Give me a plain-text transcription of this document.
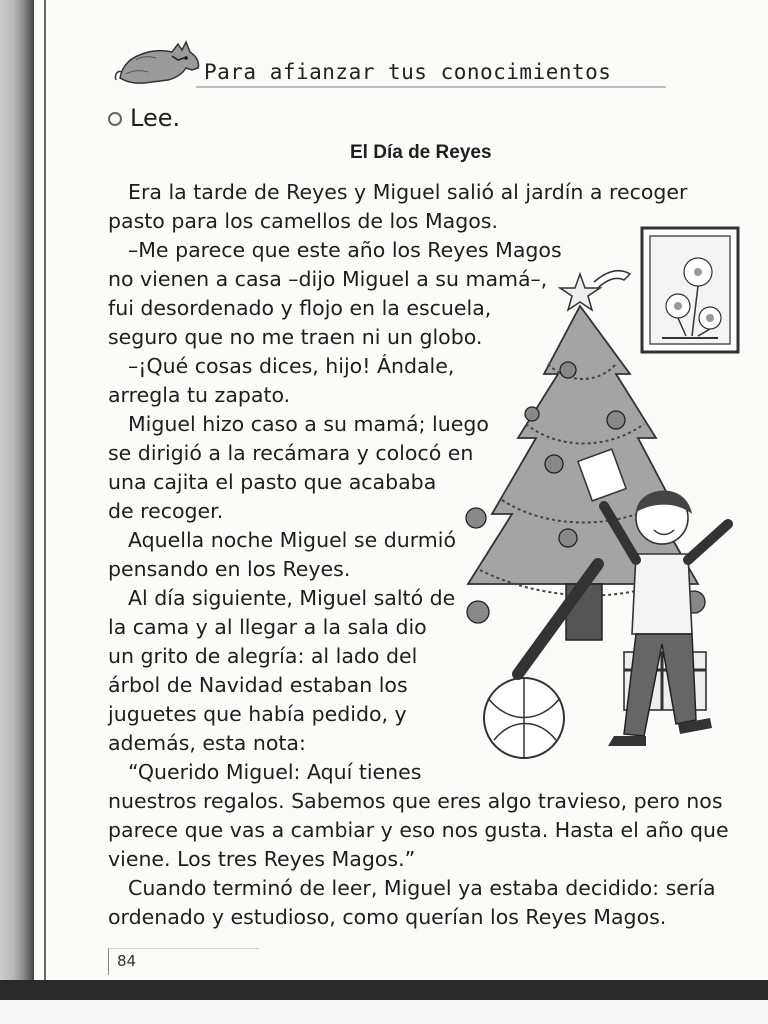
Para afianzar tus conocimientos
Lee.
El Día de Reyes
Era la tarde de Reyes y Miguel salió al jardín a recoger
pasto para los camellos de los Magos.
–Me parece que este año los Reyes Magos
no vienen a casa –dijo Miguel a su mamá–,
fui desordenado y flojo en la escuela,
seguro que no me traen ni un globo.
–¡Qué cosas dices, hijo! Ándale,
arregla tu zapato.
Miguel hizo caso a su mamá; luego
se dirigió a la recámara y colocó en
una cajita el pasto que acababa
de recoger.
Aquella noche Miguel se durmió
pensando en los Reyes.
Al día siguiente, Miguel saltó de
la cama y al llegar a la sala dio
un grito de alegría: al lado del
árbol de Navidad estaban los
juguetes que había pedido, y
además, esta nota:
“Querido Miguel: Aquí tienes
nuestros regalos. Sabemos que eres algo travieso, pero nos
parece que vas a cambiar y eso nos gusta. Hasta el año que
viene. Los tres Reyes Magos.”
Cuando terminó de leer, Miguel ya estaba decidido: sería
ordenado y estudioso, como querían los Reyes Magos.
84
